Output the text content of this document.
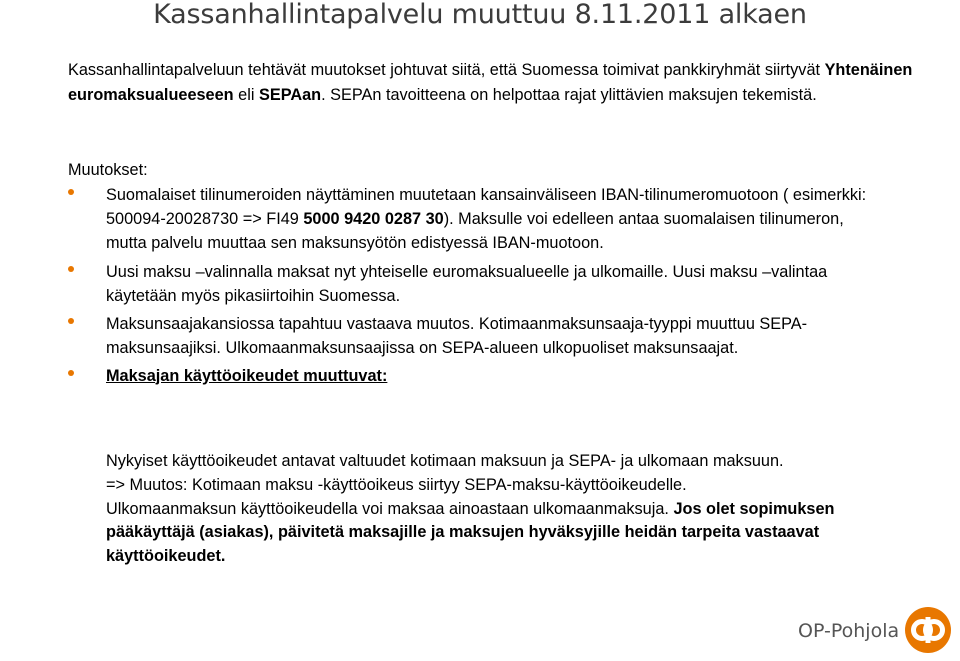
Kassanhallintapalvelu muuttuu 8.11.2011 alkaen
Kassanhallintapalveluun tehtävät muutokset johtuvat siitä, että Suomessa toimivat pankkiryhmät siirtyvät Yhtenäinen euromaksualueeseen eli SEPAan. SEPAn tavoitteena on helpottaa rajat ylittävien maksujen tekemistä.
Muutokset:
Suomalaiset tilinumeroiden näyttäminen muutetaan kansainväliseen IBAN-tilinumeromuotoon ( esimerkki: 500094-20028730 => FI49 5000 9420 0287 30). Maksulle voi edelleen antaa suomalaisen tilinumeron, mutta palvelu muuttaa sen maksunsyötön edistyessä IBAN-muotoon.
Uusi maksu –valinnalla maksat nyt yhteiselle euromaksualueelle ja ulkomaille. Uusi maksu –valintaa käytetään myös pikasiirtoihin Suomessa.
Maksunsaajakansiossa tapahtuu vastaava muutos. Kotimaanmaksunsaaja-tyyppi muuttuu SEPA-maksunsaajiksi. Ulkomaanmaksunsaajissa on SEPA-alueen ulkopuoliset maksunsaajat.
Maksajan käyttöoikeudet muuttuvat:
Nykyiset käyttöoikeudet antavat valtuudet kotimaan maksuun ja SEPA- ja ulkomaan maksuun.
=> Muutos: Kotimaan maksu -käyttöoikeus siirtyy SEPA-maksu-käyttöoikeudelle.
Ulkomaanmaksun käyttöoikeudella voi maksaa ainoastaan ulkomaanmaksuja. Jos olet sopimuksen pääkäyttäjä (asiakas), päivitetä maksajille ja maksujen hyväksyjille heidän tarpeita vastaavat käyttöoikeudet.
OP-Pohjola
